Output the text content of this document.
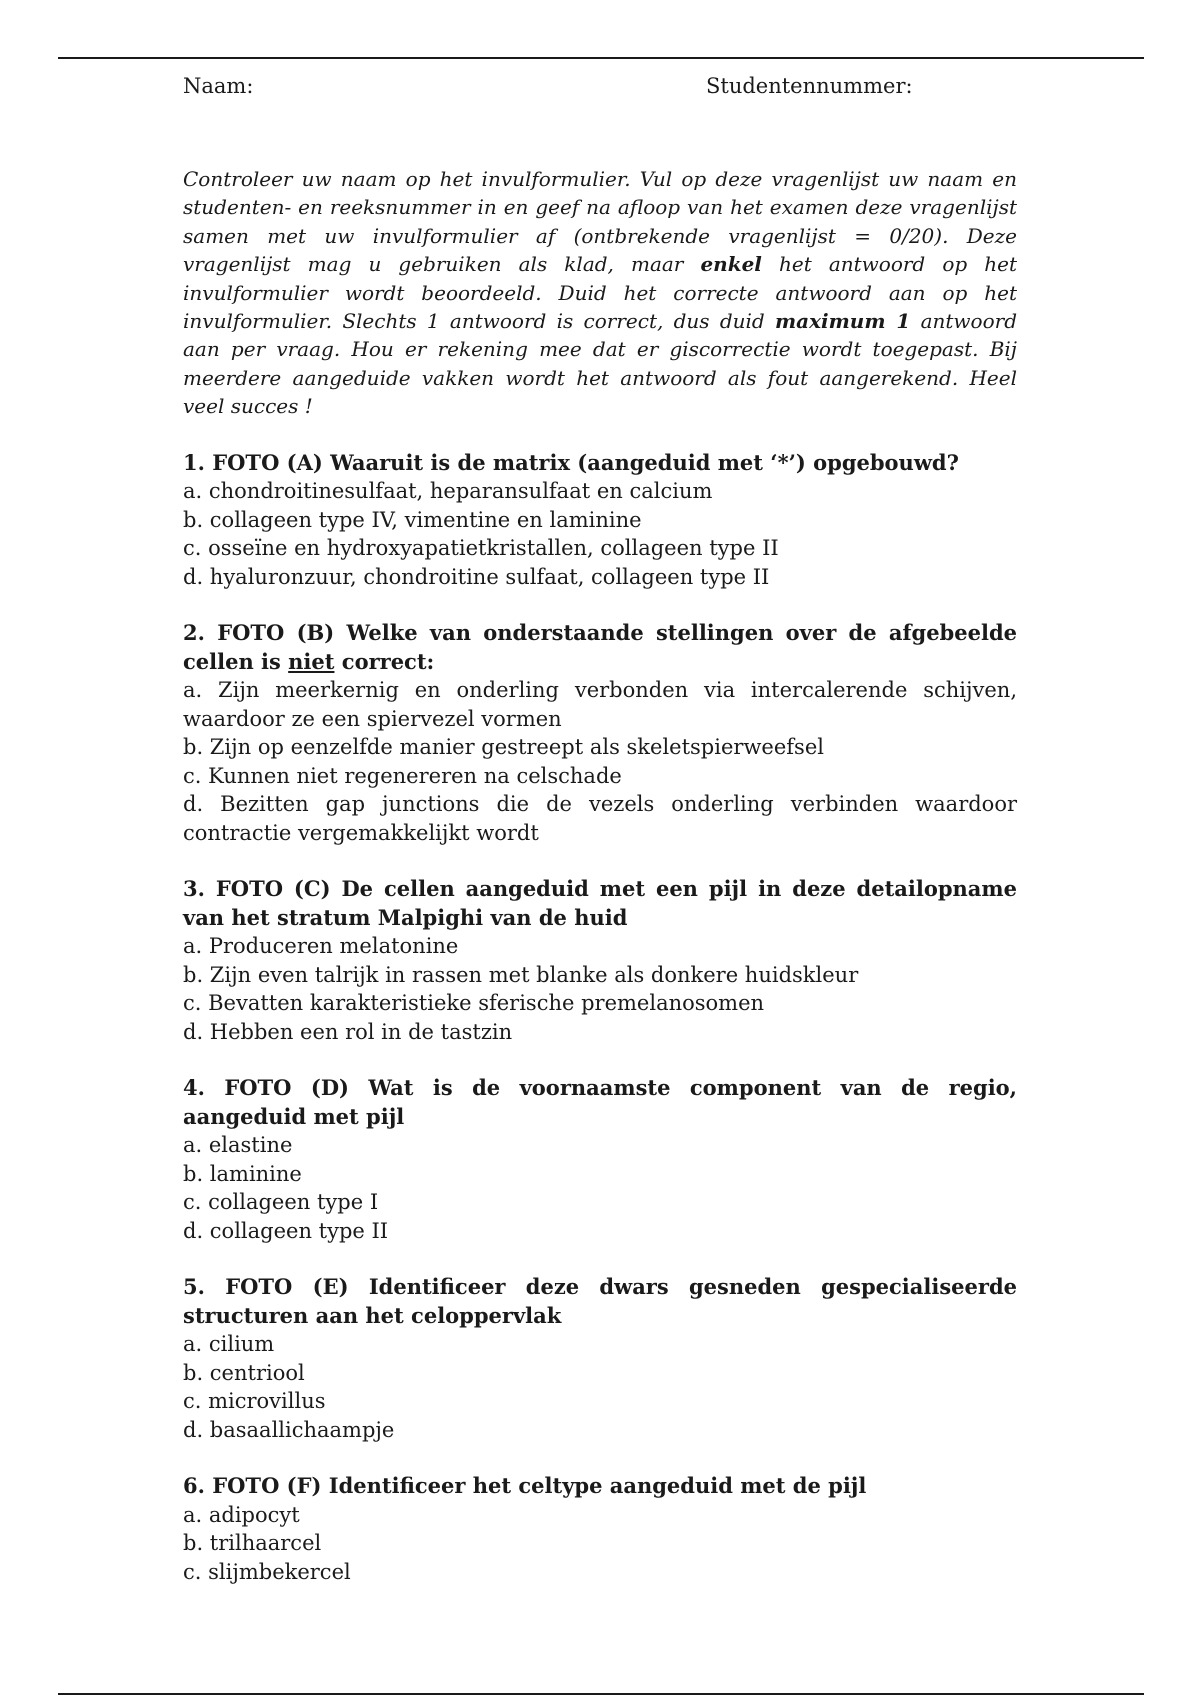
Naam:	Studentennummer:
Controleer uw naam op het invulformulier. Vul op deze vragenlijst uw naam en studenten- en reeksnummer in en geef na afloop van het examen deze vragenlijst samen met uw invulformulier af (ontbrekende vragenlijst = 0/20). Deze vragenlijst mag u gebruiken als klad, maar enkel het antwoord op het invulformulier wordt beoordeeld. Duid het correcte antwoord aan op het invulformulier. Slechts 1 antwoord is correct, dus duid maximum 1 antwoord aan per vraag. Hou er rekening mee dat er giscorrectie wordt toegepast. Bij meerdere aangeduide vakken wordt het antwoord als fout aangerekend. Heel veel succes !
1. FOTO (A) Waaruit is de matrix (aangeduid met ‘*’) opgebouwd?
a. chondroitinesulfaat, heparansulfaat en calcium
b. collageen type IV, vimentine en laminine
c. osseïne en hydroxyapatietkristallen, collageen type II
d. hyaluronzuur, chondroitine sulfaat, collageen type II
2. FOTO (B) Welke van onderstaande stellingen over de afgebeelde cellen is niet correct:
a. Zijn meerkernig en onderling verbonden via intercalerende schijven, waardoor ze een spiervezel vormen
b. Zijn op eenzelfde manier gestreept als skeletspierweefsel
c. Kunnen niet regenereren na celschade
d. Bezitten gap junctions die de vezels onderling verbinden waardoor contractie vergemakkelijkt wordt
3. FOTO (C) De cellen aangeduid met een pijl in deze detailopname van het stratum Malpighi van de huid
a. Produceren melatonine
b. Zijn even talrijk in rassen met blanke als donkere huidskleur
c. Bevatten karakteristieke sferische premelanosomen
d. Hebben een rol in de tastzin
4. FOTO (D) Wat is de voornaamste component van de regio, aangeduid met pijl
a. elastine
b. laminine
c. collageen type I
d. collageen type II
5. FOTO (E) Identificeer deze dwars gesneden gespecialiseerde structuren aan het celoppervlak
a. cilium
b. centriool
c. microvillus
d. basaallichaampje
6. FOTO (F) Identificeer het celtype aangeduid met de pijl
a. adipocyt
b. trilhaarcel
c. slijmbekercel
